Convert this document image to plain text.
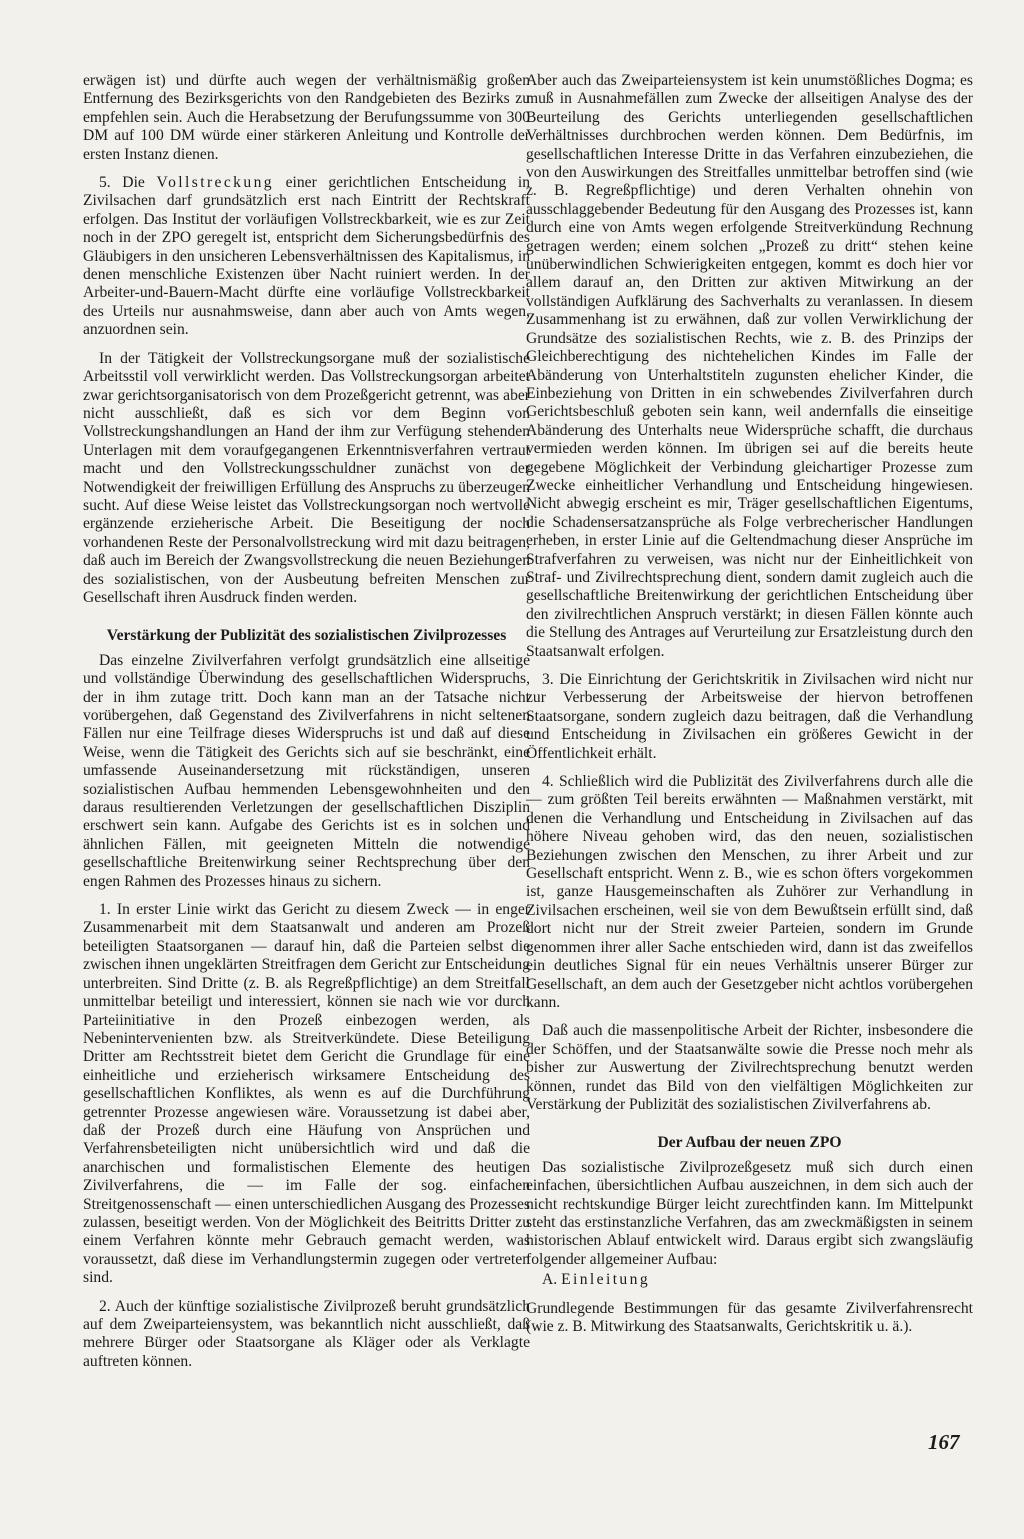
erwägen ist) und dürfte auch wegen der verhältnismäßig großen Entfernung des Bezirksgerichts von den Randgebieten des Bezirks zu empfehlen sein. Auch die Herabsetzung der Berufungssumme von 300 DM auf 100 DM würde einer stärkeren Anleitung und Kontrolle der ersten Instanz dienen.

5. Die Vollstreckung einer gerichtlichen Entscheidung in Zivilsachen darf grundsätzlich erst nach Eintritt der Rechtskraft erfolgen. Das Institut der vorläufigen Vollstreckbarkeit, wie es zur Zeit noch in der ZPO geregelt ist, entspricht dem Sicherungsbedürfnis des Gläubigers in den unsicheren Lebensverhältnissen des Kapitalismus, in denen menschliche Existenzen über Nacht ruiniert werden. In der Arbeiter-und-Bauern-Macht dürfte eine vorläufige Vollstreckbarkeit des Urteils nur ausnahmsweise, dann aber auch von Amts wegen, anzuordnen sein.

In der Tätigkeit der Vollstreckungsorgane muß der sozialistische Arbeitsstil voll verwirklicht werden. Das Vollstreckungsorgan arbeitet zwar gerichtsorganisatorisch von dem Prozeßgericht getrennt, was aber nicht ausschließt, daß es sich vor dem Beginn von Vollstreckungshandlungen an Hand der ihm zur Verfügung stehenden Unterlagen mit dem voraufgegangenen Erkenntnisverfahren vertraut macht und den Vollstreckungsschuldner zunächst von der Notwendigkeit der freiwilligen Erfüllung des Anspruchs zu überzeugen sucht. Auf diese Weise leistet das Vollstreckungsorgan noch wertvolle ergänzende erzieherische Arbeit. Die Beseitigung der noch vorhandenen Reste der Personalvollstreckung wird mit dazu beitragen, daß auch im Bereich der Zwangsvollstreckung die neuen Beziehungen des sozialistischen, von der Ausbeutung befreiten Menschen zur Gesellschaft ihren Ausdruck finden werden.

Verstärkung der Publizität des sozialistischen Zivilprozesses

Das einzelne Zivilverfahren verfolgt grundsätzlich eine allseitige und vollständige Überwindung des gesellschaftlichen Widerspruchs, der in ihm zutage tritt. Doch kann man an der Tatsache nicht vorübergehen, daß Gegenstand des Zivilverfahrens in nicht seltenen Fällen nur eine Teilfrage dieses Widerspruchs ist und daß auf diese Weise, wenn die Tätigkeit des Gerichts sich auf sie beschränkt, eine umfassende Auseinandersetzung mit rückständigen, unseren sozialistischen Aufbau hemmenden Lebensgewohnheiten und den daraus resultierenden Verletzungen der gesellschaftlichen Disziplin erschwert sein kann. Aufgabe des Gerichts ist es in solchen und ähnlichen Fällen, mit geeigneten Mitteln die notwendige gesellschaftliche Breitenwirkung seiner Rechtsprechung über den engen Rahmen des Prozesses hinaus zu sichern.

1. In erster Linie wirkt das Gericht zu diesem Zweck — in enger Zusammenarbeit mit dem Staatsanwalt und anderen am Prozeß beteiligten Staatsorganen — darauf hin, daß die Parteien selbst die zwischen ihnen ungeklärten Streitfragen dem Gericht zur Entscheidung unterbreiten. Sind Dritte (z. B. als Regreßpflichtige) an dem Streitfall unmittelbar beteiligt und interessiert, können sie nach wie vor durch Parteiinitiative in den Prozeß einbezogen werden, als Nebenintervenienten bzw. als Streitverkündete. Diese Beteiligung Dritter am Rechtsstreit bietet dem Gericht die Grundlage für eine einheitliche und erzieherisch wirksamere Entscheidung des gesellschaftlichen Konfliktes, als wenn es auf die Durchführung getrennter Prozesse angewiesen wäre. Voraussetzung ist dabei aber, daß der Prozeß durch eine Häufung von Ansprüchen und Verfahrensbeteiligten nicht unübersichtlich wird und daß die anarchischen und formalistischen Elemente des heutigen Zivilverfahrens, die — im Falle der sog. einfachen Streitgenossenschaft — einen unterschiedlichen Ausgang des Prozesses zulassen, beseitigt werden. Von der Möglichkeit des Beitritts Dritter zu einem Verfahren könnte mehr Gebrauch gemacht werden, was voraussetzt, daß diese im Verhandlungstermin zugegen oder vertreten sind.

2. Auch der künftige sozialistische Zivilprozeß beruht grundsätzlich auf dem Zweiparteiensystem, was bekanntlich nicht ausschließt, daß mehrere Bürger oder Staatsorgane als Kläger oder als Verklagte auftreten können.

Aber auch das Zweiparteiensystem ist kein unumstößliches Dogma; es muß in Ausnahmefällen zum Zwecke der allseitigen Analyse des der Beurteilung des Gerichts unterliegenden gesellschaftlichen Verhältnisses durchbrochen werden können. Dem Bedürfnis, im gesellschaftlichen Interesse Dritte in das Verfahren einzubeziehen, die von den Auswirkungen des Streitfalles unmittelbar betroffen sind (wie z. B. Regreßpflichtige) und deren Verhalten ohnehin von ausschlaggebender Bedeutung für den Ausgang des Prozesses ist, kann durch eine von Amts wegen erfolgende Streitverkündung Rechnung getragen werden; einem solchen „Prozeß zu dritt“ stehen keine unüberwindlichen Schwierigkeiten entgegen, kommt es doch hier vor allem darauf an, den Dritten zur aktiven Mitwirkung an der vollständigen Aufklärung des Sachverhalts zu veranlassen. In diesem Zusammenhang ist zu erwähnen, daß zur vollen Verwirklichung der Grundsätze des sozialistischen Rechts, wie z. B. des Prinzips der Gleichberechtigung des nichtehelichen Kindes im Falle der Abänderung von Unterhaltstiteln zugunsten ehelicher Kinder, die Einbeziehung von Dritten in ein schwebendes Zivilverfahren durch Gerichtsbeschluß geboten sein kann, weil andernfalls die einseitige Abänderung des Unterhalts neue Widersprüche schafft, die durchaus vermieden werden können. Im übrigen sei auf die bereits heute gegebene Möglichkeit der Verbindung gleichartiger Prozesse zum Zwecke einheitlicher Verhandlung und Entscheidung hingewiesen. Nicht abwegig erscheint es mir, Träger gesellschaftlichen Eigentums, die Schadensersatzansprüche als Folge verbrecherischer Handlungen erheben, in erster Linie auf die Geltendmachung dieser Ansprüche im Strafverfahren zu verweisen, was nicht nur der Einheitlichkeit von Straf- und Zivilrechtsprechung dient, sondern damit zugleich auch die gesellschaftliche Breitenwirkung der gerichtlichen Entscheidung über den zivilrechtlichen Anspruch verstärkt; in diesen Fällen könnte auch die Stellung des Antrages auf Verurteilung zur Ersatzleistung durch den Staatsanwalt erfolgen.

3. Die Einrichtung der Gerichtskritik in Zivilsachen wird nicht nur zur Verbesserung der Arbeitsweise der hiervon betroffenen Staatsorgane, sondern zugleich dazu beitragen, daß die Verhandlung und Entscheidung in Zivilsachen ein größeres Gewicht in der Öffentlichkeit erhält.

4. Schließlich wird die Publizität des Zivilverfahrens durch alle die — zum größten Teil bereits erwähnten — Maßnahmen verstärkt, mit denen die Verhandlung und Entscheidung in Zivilsachen auf das höhere Niveau gehoben wird, das den neuen, sozialistischen Beziehungen zwischen den Menschen, zu ihrer Arbeit und zur Gesellschaft entspricht. Wenn z. B., wie es schon öfters vorgekommen ist, ganze Hausgemeinschaften als Zuhörer zur Verhandlung in Zivilsachen erscheinen, weil sie von dem Bewußtsein erfüllt sind, daß dort nicht nur der Streit zweier Parteien, sondern im Grunde genommen ihrer aller Sache entschieden wird, dann ist das zweifellos ein deutliches Signal für ein neues Verhältnis unserer Bürger zur Gesellschaft, an dem auch der Gesetzgeber nicht achtlos vorübergehen kann.

Daß auch die massenpolitische Arbeit der Richter, insbesondere die der Schöffen, und der Staatsanwälte sowie die Presse noch mehr als bisher zur Auswertung der Zivilrechtsprechung benutzt werden können, rundet das Bild von den vielfältigen Möglichkeiten zur Verstärkung der Publizität des sozialistischen Zivilverfahrens ab.

Der Aufbau der neuen ZPO

Das sozialistische Zivilprozeßgesetz muß sich durch einen einfachen, übersichtlichen Aufbau auszeichnen, in dem sich auch der nicht rechtskundige Bürger leicht zurechtfinden kann. Im Mittelpunkt steht das erstinstanzliche Verfahren, das am zweckmäßigsten in seinem historischen Ablauf entwickelt wird. Daraus ergibt sich zwangsläufig folgender allgemeiner Aufbau:

A. Einleitung

Grundlegende Bestimmungen für das gesamte Zivilverfahrensrecht (wie z. B. Mitwirkung des Staatsanwalts, Gerichtskritik u. ä.).

167
